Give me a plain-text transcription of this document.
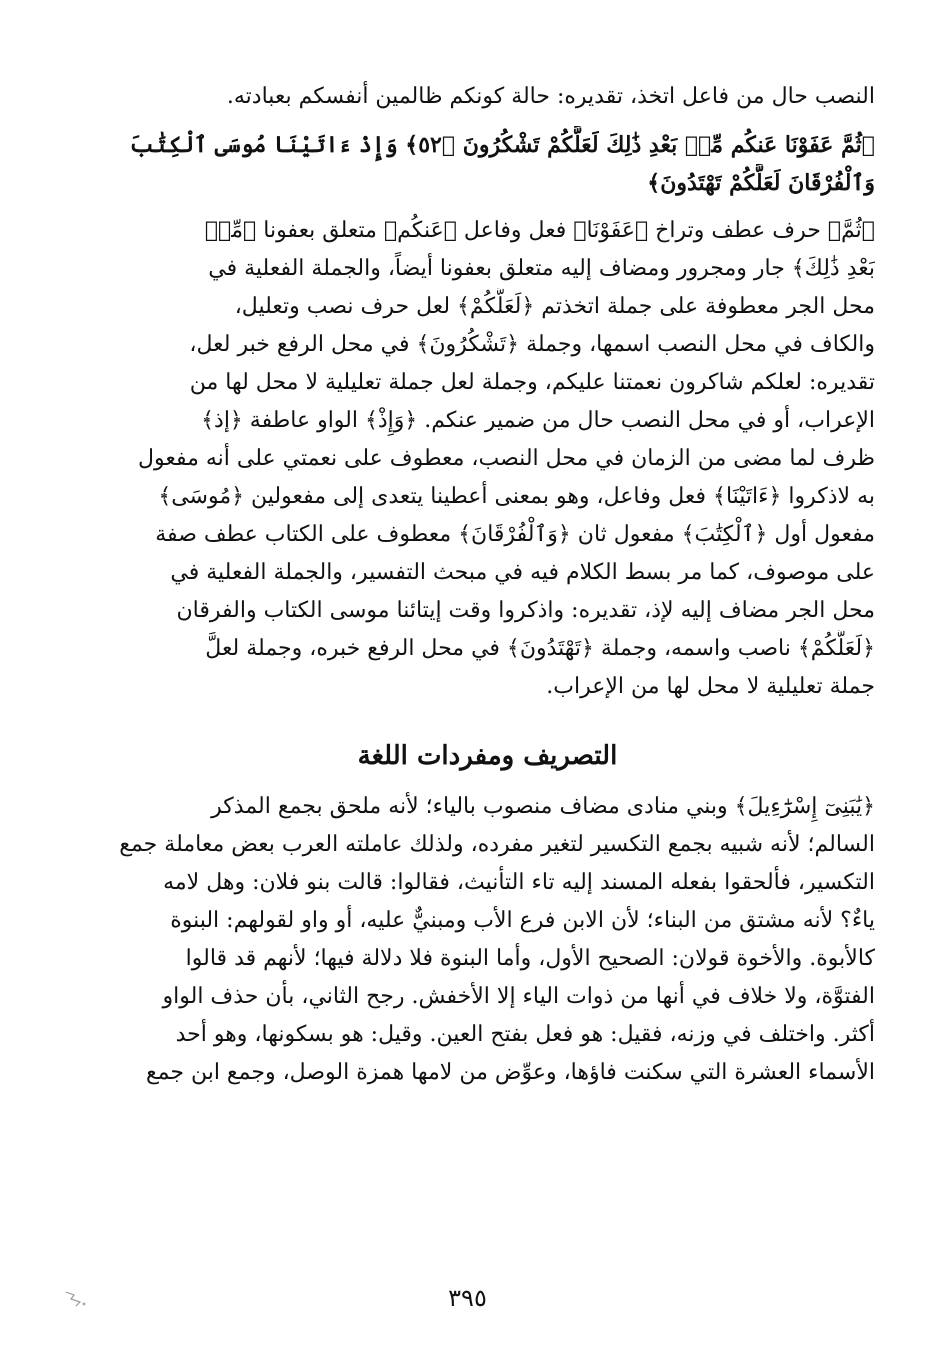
النصب حال من فاعل اتخذ، تقديره: حالة كونكم ظالمين أنفسكم بعبادته.
﴿ثُمَّ عَفَوْنَا عَنكُم مِّنۢ بَعْدِ ذَٰلِكَ لَعَلَّكُمْ تَشْكُرُونَ ﴿٥٢﴾ وَإِذْ ءَاتَيْنَا مُوسَى ٱلْكِتَٰبَ
وَٱلْفُرْقَانَ لَعَلَّكُمْ تَهْتَدُونَ﴾
﴿ثُمَّ﴾ حرف عطف وتراخ ﴿عَفَوْنَا﴾ فعل وفاعل ﴿عَنكُم﴾ متعلق بعفونا ﴿مِّنۢ
بَعْدِ ذَٰلِكَ﴾ جار ومجرور ومضاف إليه متعلق بعفونا أيضاً، والجملة الفعلية في
محل الجر معطوفة على جملة اتخذتم ﴿لَعَلَّكُمْ﴾ لعل حرف نصب وتعليل،
والكاف في محل النصب اسمها، وجملة ﴿تَشْكُرُونَ﴾ في محل الرفع خبر لعل،
تقديره: لعلكم شاكرون نعمتنا عليكم، وجملة لعل جملة تعليلية لا محل لها من
الإعراب، أو في محل النصب حال من ضمير عنكم. ﴿وَإِذْ﴾ الواو عاطفة ﴿إذ﴾
ظرف لما مضى من الزمان في محل النصب، معطوف على نعمتي على أنه مفعول
به لاذكروا ﴿ءَاتَيْنَا﴾ فعل وفاعل، وهو بمعنى أعطينا يتعدى إلى مفعولين ﴿مُوسَى﴾
مفعول أول ﴿ٱلْكِتَٰبَ﴾ مفعول ثان ﴿وَٱلْفُرْقَانَ﴾ معطوف على الكتاب عطف صفة
على موصوف، كما مر بسط الكلام فيه في مبحث التفسير، والجملة الفعلية في
محل الجر مضاف إليه لإذ، تقديره: واذكروا وقت إيتائنا موسى الكتاب والفرقان
﴿لَعَلَّكُمْ﴾ ناصب واسمه، وجملة ﴿تَهْتَدُونَ﴾ في محل الرفع خبره، وجملة لعلَّ
جملة تعليلية لا محل لها من الإعراب.
التصريف ومفردات اللغة
﴿يَٰبَنِىٓ إِسْرَٰٓءِيلَ﴾ وبني منادى مضاف منصوب بالياء؛ لأنه ملحق بجمع المذكر
السالم؛ لأنه شبيه بجمع التكسير لتغير مفرده، ولذلك عاملته العرب بعض معاملة جمع
التكسير، فألحقوا بفعله المسند إليه تاء التأنيث، فقالوا: قالت بنو فلان: وهل لامه
ياءٌ؟ لأنه مشتق من البناء؛ لأن الابن فرع الأب ومبنيٌّ عليه، أو واو لقولهم: البنوة
كالأبوة. والأخوة قولان: الصحيح الأول، وأما البنوة فلا دلالة فيها؛ لأنهم قد قالوا
الفتوَّة، ولا خلاف في أنها من ذوات الياء إلا الأخفش. رجح الثاني، بأن حذف الواو
أكثر. واختلف في وزنه، فقيل: هو فعل بفتح العين. وقيل: هو بسكونها، وهو أحد
الأسماء العشرة التي سكنت فاؤها، وعوِّض من لامها همزة الوصل، وجمع ابن جمع
٣٩٥
